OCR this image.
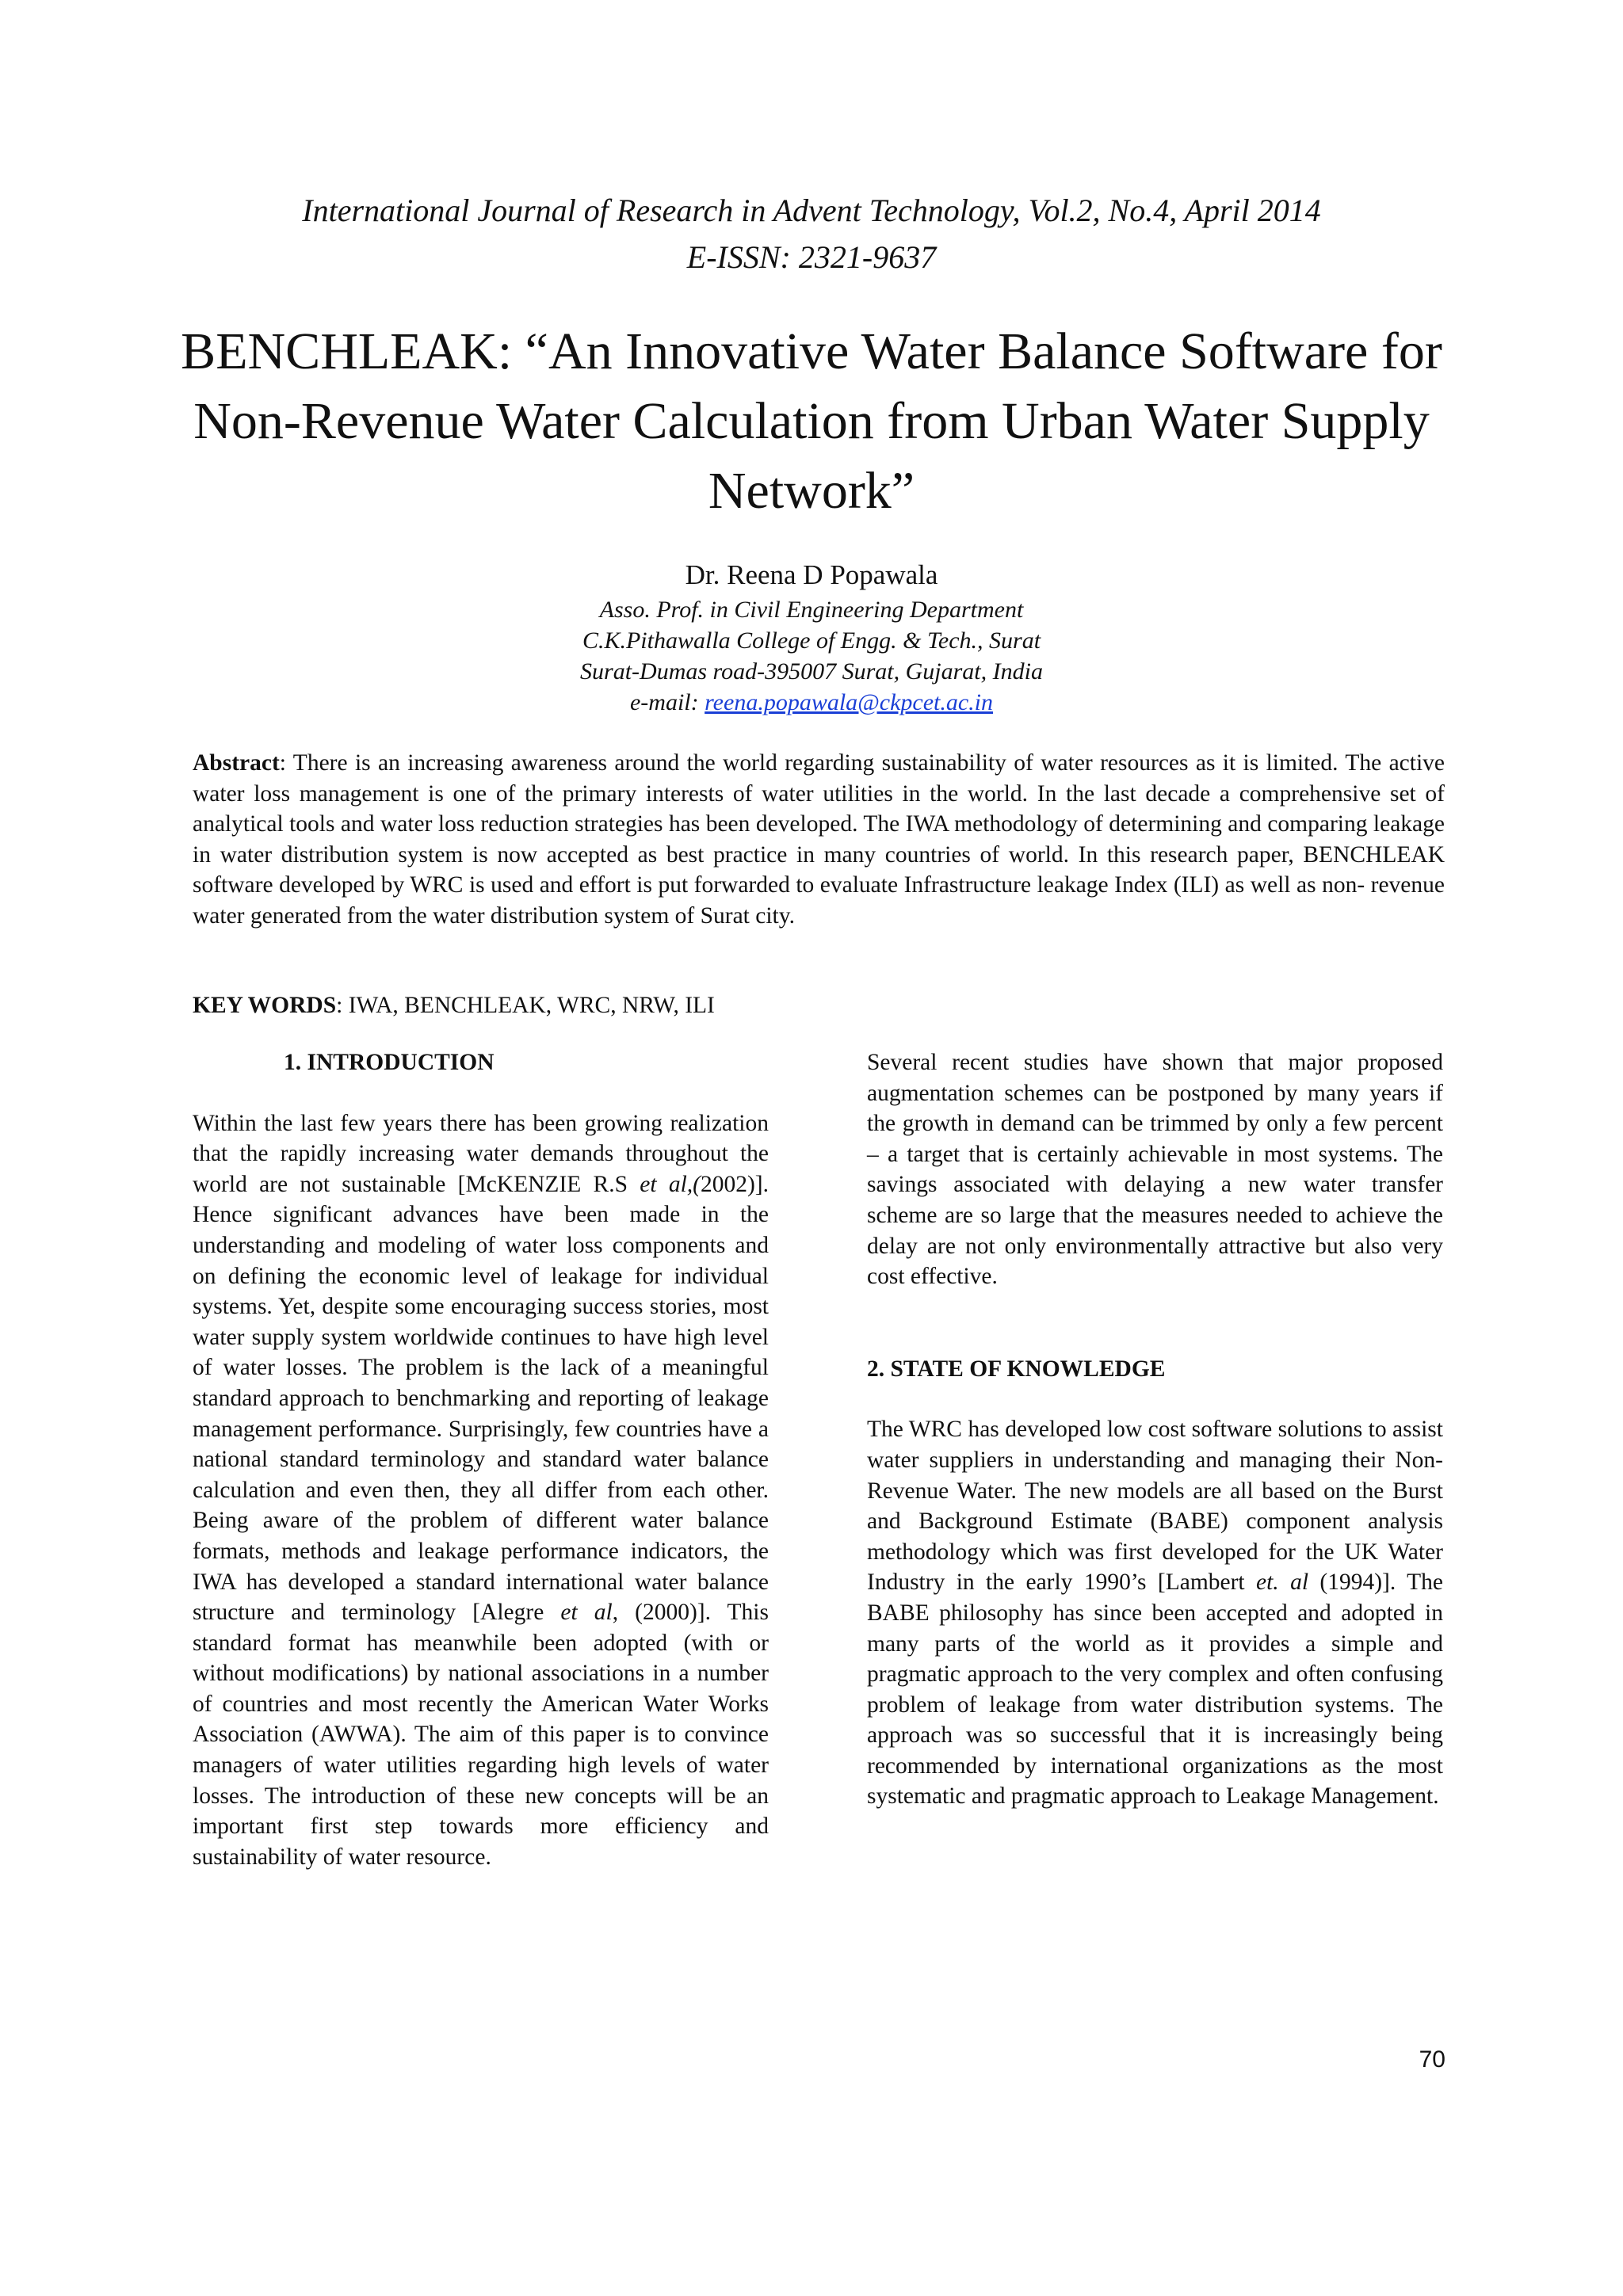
International Journal of Research in Advent Technology, Vol.2, No.4, April 2014
E-ISSN: 2321-9637
BENCHLEAK: “An Innovative Water Balance Software for Non-Revenue Water Calculation from Urban Water Supply Network”
Dr. Reena D Popawala
Asso. Prof. in Civil Engineering Department
C.K.Pithawalla College of Engg. & Tech., Surat
Surat-Dumas road-395007 Surat, Gujarat, India
e-mail: reena.popawala@ckpcet.ac.in

Abstract: There is an increasing awareness around the world regarding sustainability of water resources as it is limited. The active water loss management is one of the primary interests of water utilities in the world. In the last decade a comprehensive set of analytical tools and water loss reduction strategies has been developed. The IWA methodology of determining and comparing leakage in water distribution system is now accepted as best practice in many countries of world. In this research paper, BENCHLEAK software developed by WRC is used and effort is put forwarded to evaluate Infrastructure leakage Index (ILI) as well as non- revenue water generated from the water distribution system of Surat city.

KEY WORDS: IWA, BENCHLEAK, WRC, NRW, ILI

1. INTRODUCTION

Within the last few years there has been growing realization that the rapidly increasing water demands throughout the world are not sustainable [McKENZIE R.S et al,(2002)]. Hence significant advances have been made in the understanding and modeling of water loss components and on defining the economic level of leakage for individual systems. Yet, despite some encouraging success stories, most water supply system worldwide continues to have high level of water losses. The problem is the lack of a meaningful standard approach to benchmarking and reporting of leakage management performance. Surprisingly, few countries have a national standard terminology and standard water balance calculation and even then, they all differ from each other. Being aware of the problem of different water balance formats, methods and leakage performance indicators, the IWA has developed a standard international water balance structure and terminology [Alegre et al, (2000)]. This standard format has meanwhile been adopted (with or without modifications) by national associations in a number of countries and most recently the American Water Works Association (AWWA). The aim of this paper is to convince managers of water utilities regarding high levels of water losses. The introduction of these new concepts will be an important first step towards more efficiency and sustainability of water resource.

Several recent studies have shown that major proposed augmentation schemes can be postponed by many years if the growth in demand can be trimmed by only a few percent – a target that is certainly achievable in most systems. The savings associated with delaying a new water transfer scheme are so large that the measures needed to achieve the delay are not only environmentally attractive but also very cost effective.

2. STATE OF KNOWLEDGE

The WRC has developed low cost software solutions to assist water suppliers in understanding and managing their Non-Revenue Water. The new models are all based on the Burst and Background Estimate (BABE) component analysis methodology which was first developed for the UK Water Industry in the early 1990’s [Lambert et. al (1994)]. The BABE philosophy has since been accepted and adopted in many parts of the world as it provides a simple and pragmatic approach to the very complex and often confusing problem of leakage from water distribution systems. The approach was so successful that it is increasingly being recommended by international organizations as the most systematic and pragmatic approach to Leakage Management.

70
